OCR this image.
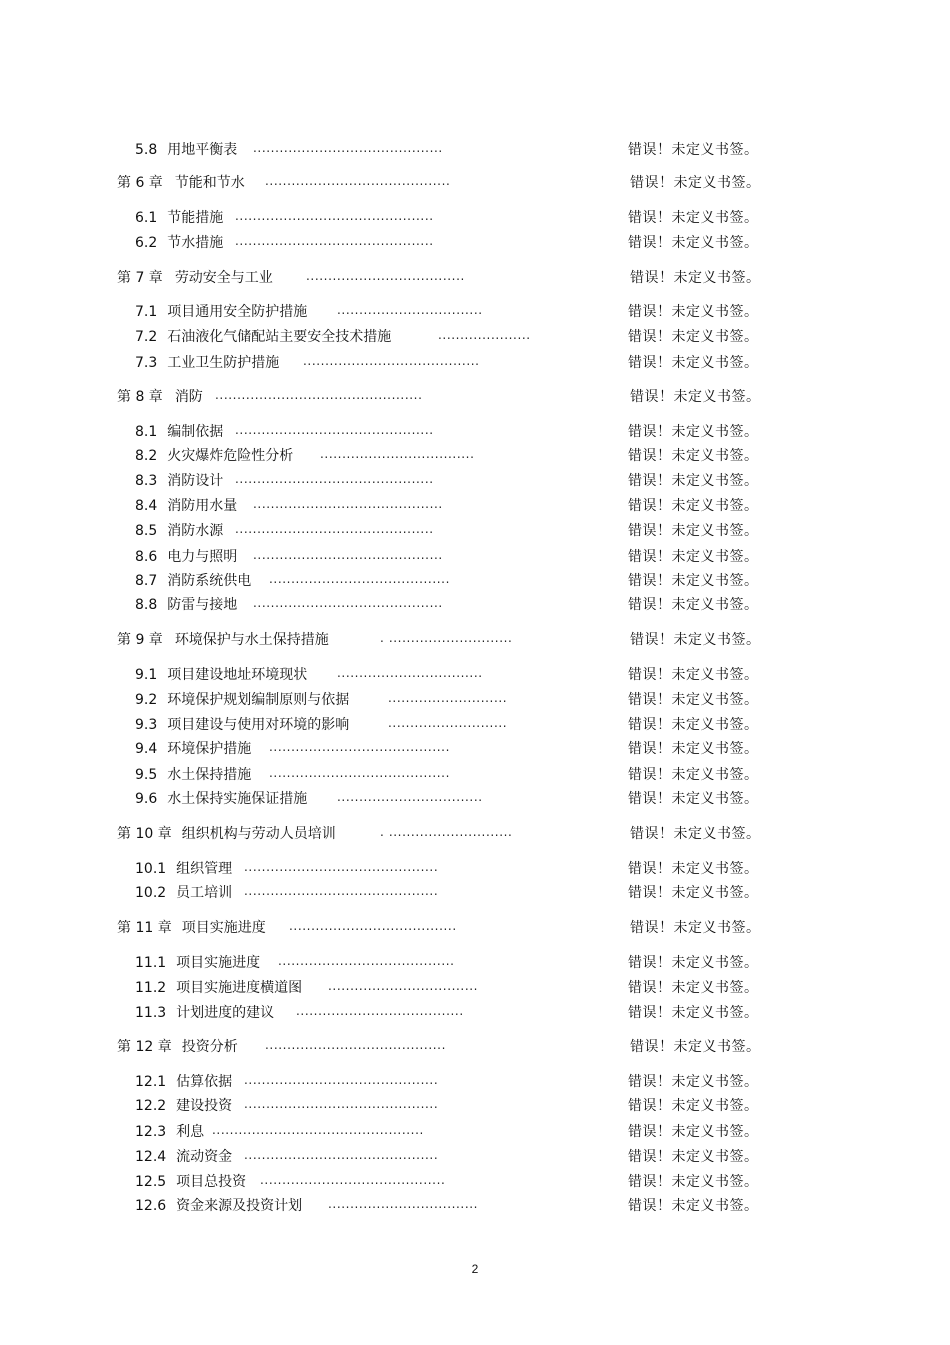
5.8 用地平衡表 ...........................................	错误！未定义书签。
第 6 章 节能和节水 ..........................................	错误！未定义书签。
6.1 节能措施 .............................................	错误！未定义书签。
6.2 节水措施 .............................................	错误！未定义书签。
第 7 章 劳动安全与工业	....................................	错误！未定义书签。
7.1 项目通用安全防护措施 .................................	错误！未定义书签。
7.2 石油液化气储配站主要安全技术措施	.....................	错误！未定义书签。
7.3 工业卫生防护措施 ........................................	错误！未定义书签。
第 8 章 消防 ...............................................	错误！未定义书签。
8.1 编制依据 .............................................	错误！未定义书签。
8.2 火灾爆炸危险性分析 ...................................	错误！未定义书签。
8.3 消防设计 .............................................	错误！未定义书签。
8.4 消防用水量 ...........................................	错误！未定义书签。
8.5 消防水源 .............................................	错误！未定义书签。
8.6 电力与照明 ...........................................	错误！未定义书签。
8.7 消防系统供电 .........................................	错误！未定义书签。
8.8 防雷与接地 ...........................................	错误！未定义书签。
第 9 章 环境保护与水土保持措施	. ............................	错误！未定义书签。
9.1 项目建设地址环境现状 .................................	错误！未定义书签。
9.2 环境保护规划编制原则与依据	...........................	错误！未定义书签。
9.3 项目建设与使用对环境的影响	...........................	错误！未定义书签。
9.4 环境保护措施 .........................................	错误！未定义书签。
9.5 水土保持措施 .........................................	错误！未定义书签。
9.6 水土保持实施保证措施 .................................	错误！未定义书签。
第 10 章 组织机构与劳动人员培训	. ............................	错误！未定义书签。
10.1 组织管理 ............................................	错误！未定义书签。
10.2 员工培训 ............................................	错误！未定义书签。
第 11 章 项目实施进度 ......................................	错误！未定义书签。
11.1 项目实施进度 ........................................	错误！未定义书签。
11.2 项目实施进度横道图 ..................................	错误！未定义书签。
11.3 计划进度的建议 ......................................	错误！未定义书签。
第 12 章 投资分析 .........................................	错误！未定义书签。
12.1 估算依据 ............................................	错误！未定义书签。
12.2 建设投资 ............................................	错误！未定义书签。
12.3 利息 ................................................	错误！未定义书签。
12.4 流动资金 ............................................	错误！未定义书签。
12.5 项目总投资 ..........................................	错误！未定义书签。
12.6 资金来源及投资计划 ..................................	错误！未定义书签。
2
